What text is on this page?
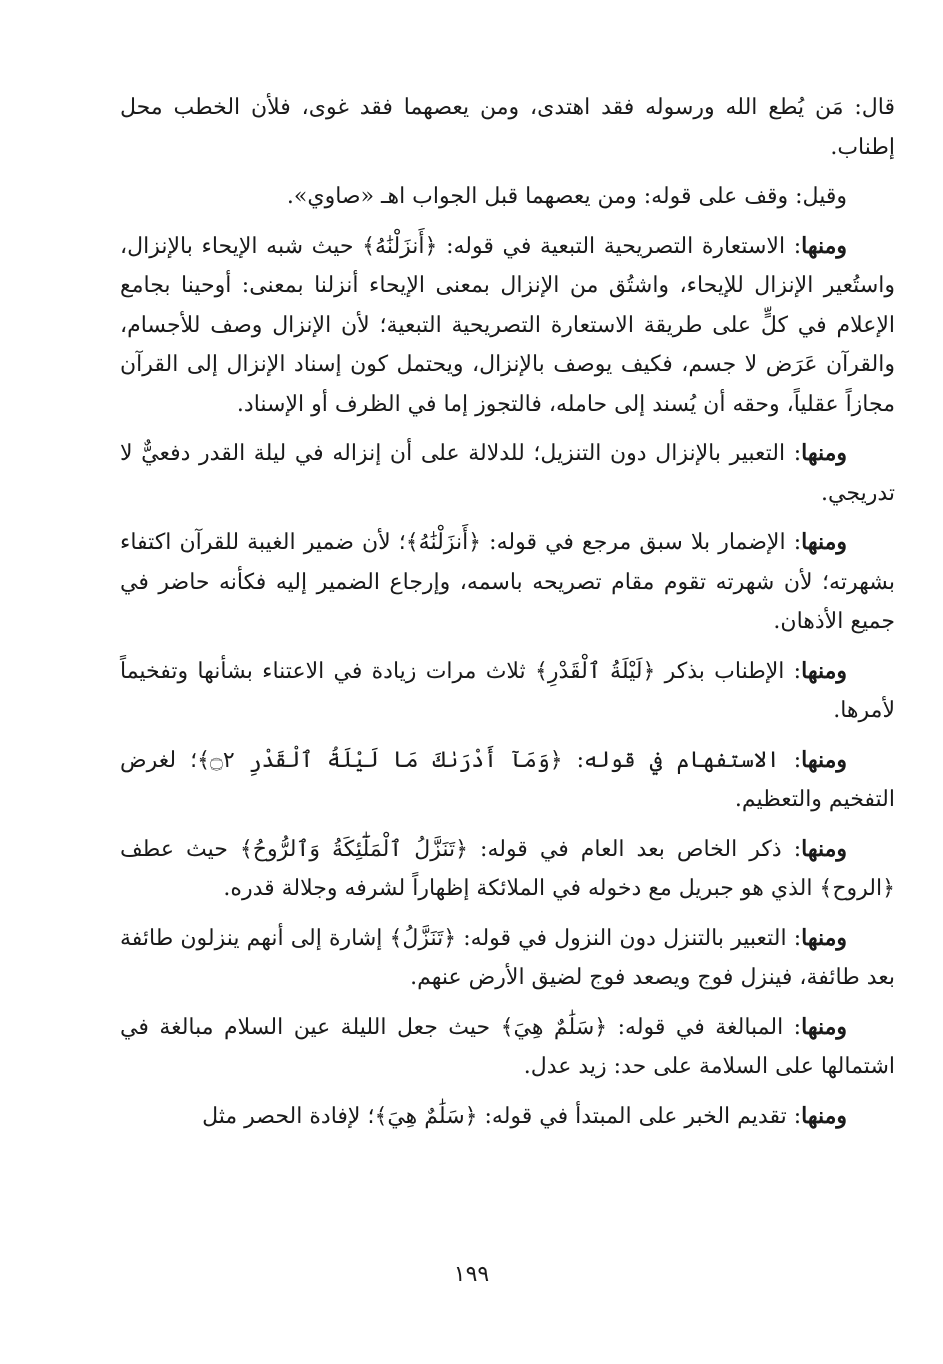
قال: مَن يُطع الله ورسوله فقد اهتدى، ومن يعصهما فقد غوى، فلأن الخطب محل إطناب.

وقيل: وقف على قوله: ومن يعصهما قبل الجواب اهـ «صاوي».

ومنها: الاستعارة التصريحية التبعية في قوله: ﴿أَنزَلْنَٰهُ﴾ حيث شبه الإيحاء بالإنزال، واستُعير الإنزال للإيحاء، واشتُق من الإنزال بمعنى الإيحاء أنزلنا بمعنى: أوحينا بجامع الإعلام في كلٍّ على طريقة الاستعارة التصريحية التبعية؛ لأن الإنزال وصف للأجسام، والقرآن عَرَض لا جسم، فكيف يوصف بالإنزال، ويحتمل كون إسناد الإنزال إلى القرآن مجازاً عقلياً، وحقه أن يُسند إلى حامله، فالتجوز إما في الظرف أو الإسناد.

ومنها: التعبير بالإنزال دون التنزيل؛ للدلالة على أن إنزاله في ليلة القدر دفعيٌّ لا تدريجي.

ومنها: الإضمار بلا سبق مرجع في قوله: ﴿أَنزَلْنَٰهُ﴾؛ لأن ضمير الغيبة للقرآن اكتفاء بشهرته؛ لأن شهرته تقوم مقام تصريحه باسمه، وإرجاع الضمير إليه فكأنه حاضر في جميع الأذهان.

ومنها: الإطناب بذكر ﴿لَيْلَةُ ٱلْقَدْرِ﴾ ثلاث مرات زيادة في الاعتناء بشأنها وتفخيماً لأمرها.

ومنها: الاستفهام في قوله: ﴿وَمَآ أَدْرَىٰكَ مَا لَيْلَةُ ٱلْقَدْرِ ۝٢﴾؛ لغرض التفخيم والتعظيم.

ومنها: ذكر الخاص بعد العام في قوله: ﴿تَنَزَّلُ ٱلْمَلَٰٓئِكَةُ وَٱلرُّوحُ﴾ حيث عطف ﴿الروح﴾ الذي هو جبريل مع دخوله في الملائكة إظهاراً لشرفه وجلالة قدره.

ومنها: التعبير بالتنزل دون النزول في قوله: ﴿تَنَزَّلُ﴾ إشارة إلى أنهم ينزلون طائفة بعد طائفة، فينزل فوج ويصعد فوج لضيق الأرض عنهم.

ومنها: المبالغة في قوله: ﴿سَلَٰمٌ هِيَ﴾ حيث جعل الليلة عين السلام مبالغة في اشتمالها على السلامة على حد: زيد عدل.

ومنها: تقديم الخبر على المبتدأ في قوله: ﴿سَلَٰمٌ هِيَ﴾؛ لإفادة الحصر مثل

١٩٩
